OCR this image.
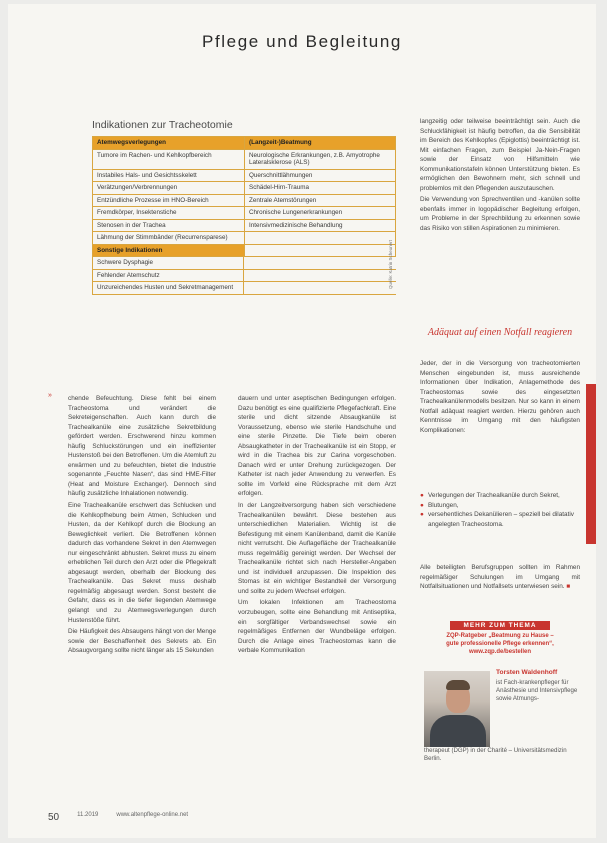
Pflege und Begleitung
Indikationen zur Tracheotomie
Atemwegsverlegungen	(Langzeit-)Beatmung
Tumore im Rachen- und Kehlkopfbereich	Neurologische Erkrankungen, z.B. Amyotrophe Lateralsklerose (ALS)
Instabiles Hals- und Gesichtsskelett	Querschnittlähmungen
Verätzungen/Verbrennungen	Schädel-Hirn-Trauma
Entzündliche Prozesse im HNO-Bereich	Zentrale Atemstörungen
Fremdkörper, Insektenstiche	Chronische Lungenerkrankungen
Stenosen in der Trachea	Intensivmedizinische Behandlung
Lähmung der Stimmbänder (Recurrensparese)
Sonstige Indikationen
Schwere Dysphagie
Fehlender Atemschutz
Unzureichendes Husten und Sekretmanagement	Quelle: Katrin Scheunert
»	chende Befeuchtung. Diese fehlt bei einem Tracheostoma und verändert die Sekreteigenschaften. Auch kann durch die Trachealkanüle eine zusätzliche Sekretbildung gefördert werden. Erschwerend hinzu kommen häufig Schluckstörungen und ein ineffizienter Hustenstoß bei den Betroffenen. Um die Atemluft zu erwärmen und zu befeuchten, bietet die Industrie sogenannte „Feuchte Nasen“, das sind HME-Filter (Heat and Moisture Exchanger). Dennoch sind häufig zusätzliche Inhalationen notwendig.

Eine Trachealkanüle erschwert das Schlucken und die Kehlkopfhebung beim Atmen, Schlucken und Husten, da der Kehlkopf durch die Blockung an Beweglichkeit verliert. Die Betroffenen können dadurch das vorhandene Sekret in den Atemwegen nur eingeschränkt abhusten. Sekret muss zu einem erheblichen Teil durch den Arzt oder die Pflegekraft abgesaugt werden, oberhalb der Blockung des Trachealkanüle. Das Sekret muss deshalb regelmäßig abgesaugt werden. Sonst besteht die Gefahr, dass es in die tiefer liegenden Atemwege gelangt und zu Atemwegsverlegungen durch Hustenstöße führt.

Die Häufigkeit des Absaugens hängt von der Menge sowie der Beschaffenheit des Sekrets ab. Ein Absaugvorgang sollte nicht länger als 15 Sekunden

dauern und unter aseptischen Bedingungen erfolgen. Dazu benötigt es eine qualifizierte Pflegefachkraft. Eine sterile und dicht sitzende Absaugkanüle ist Voraussetzung, ebenso wie sterile Handschuhe und eine sterile Pinzette. Die Tiefe beim oberen Absaugkatheter in der Trachealkanüle ist ein Stopp, er wird in die Trachea bis zur Carina vorgeschoben. Danach wird er unter Drehung zurückgezogen. Der Katheter ist nach jeder Anwendung zu verwerfen. Es sollte im Vorfeld eine Rücksprache mit dem Arzt erfolgen.

In der Langzeitversorgung haben sich verschiedene Trachealkanülen bewährt. Diese bestehen aus unterschiedlichen Materialien. Wichtig ist die Befestigung mit einem Kanülenband, damit die Kanüle nicht verrutscht. Die Auflagefläche der Trachealkanüle muss regelmäßig gereinigt werden. Der Wechsel der Trachealkanüle richtet sich nach Hersteller-Angaben und ist individuell anzupassen. Die Inspektion des Stomas ist ein wichtiger Bestandteil der Versorgung und sollte zu jedem Wechsel erfolgen.

Um lokalen Infektionen am Tracheostoma vorzubeugen, sollte eine Behandlung mit Antiseptika, ein sorgfältiger Verbandswechsel sowie ein regelmäßiges Entfernen der Wundbeläge erfolgen. Durch die Anlage eines Tracheostomas kann die verbale Kommunikation

langzeitig oder teilweise beeinträchtigt sein. Auch die Schluckfähigkeit ist häufig betroffen, da die Sensibilität im Bereich des Kehlkopfes (Epiglottis) beeinträchtigt ist. Mit einfachen Fragen, zum Beispiel Ja-Nein-Fragen sowie der Einsatz von Hilfsmitteln wie Kommunikationstafeln können Unterstützung bieten. Es ermöglichen den Bewohnern mehr, sich schnell und problemlos mit den Pflegenden auszutauschen.

Die Verwendung von Sprechventilen und -kanülen sollte ebenfalls immer in logopädischer Begleitung erfolgen, um Probleme in der Sprechbildung zu erkennen sowie das Risiko von stillen Aspirationen zu minimieren.

Adäquat auf einen Notfall reagieren

Jeder, der in die Versorgung von tracheotomierten Menschen eingebunden ist, muss ausreichende Informationen über Indikation, Anlagemethode des Tracheostomas sowie des eingesetzten Trachealkanülenmodells besitzen. Nur so kann in einem Notfall adäquat reagiert werden. Hierzu gehören auch Kenntnisse im Umgang mit den häufigsten Komplikationen:

● Verlegungen der Trachealkanüle durch Sekret,
● Blutungen,
● versehentliches Dekanülieren – speziell bei dilatativ angelegten Tracheostoma.

Alle beteiligten Berufsgruppen sollten im Rahmen regelmäßiger Schulungen im Umgang mit Notfallsituationen und Notfallsets unterwiesen sein. ■

MEHR ZUM THEMA
ZQP-Ratgeber „Beatmung zu Hause –
gute professionelle Pflege erkennen“,
www.zqp.de/bestellen
Torsten Waldenhoff
ist Fach-krankenpfleger für Anästhesie und Intensivpflege sowie Atmungs-
therapeut (DGP) in der Charité – Universitätsmedizin Berlin.
50	11.2019	www.altenpflege-online.net
